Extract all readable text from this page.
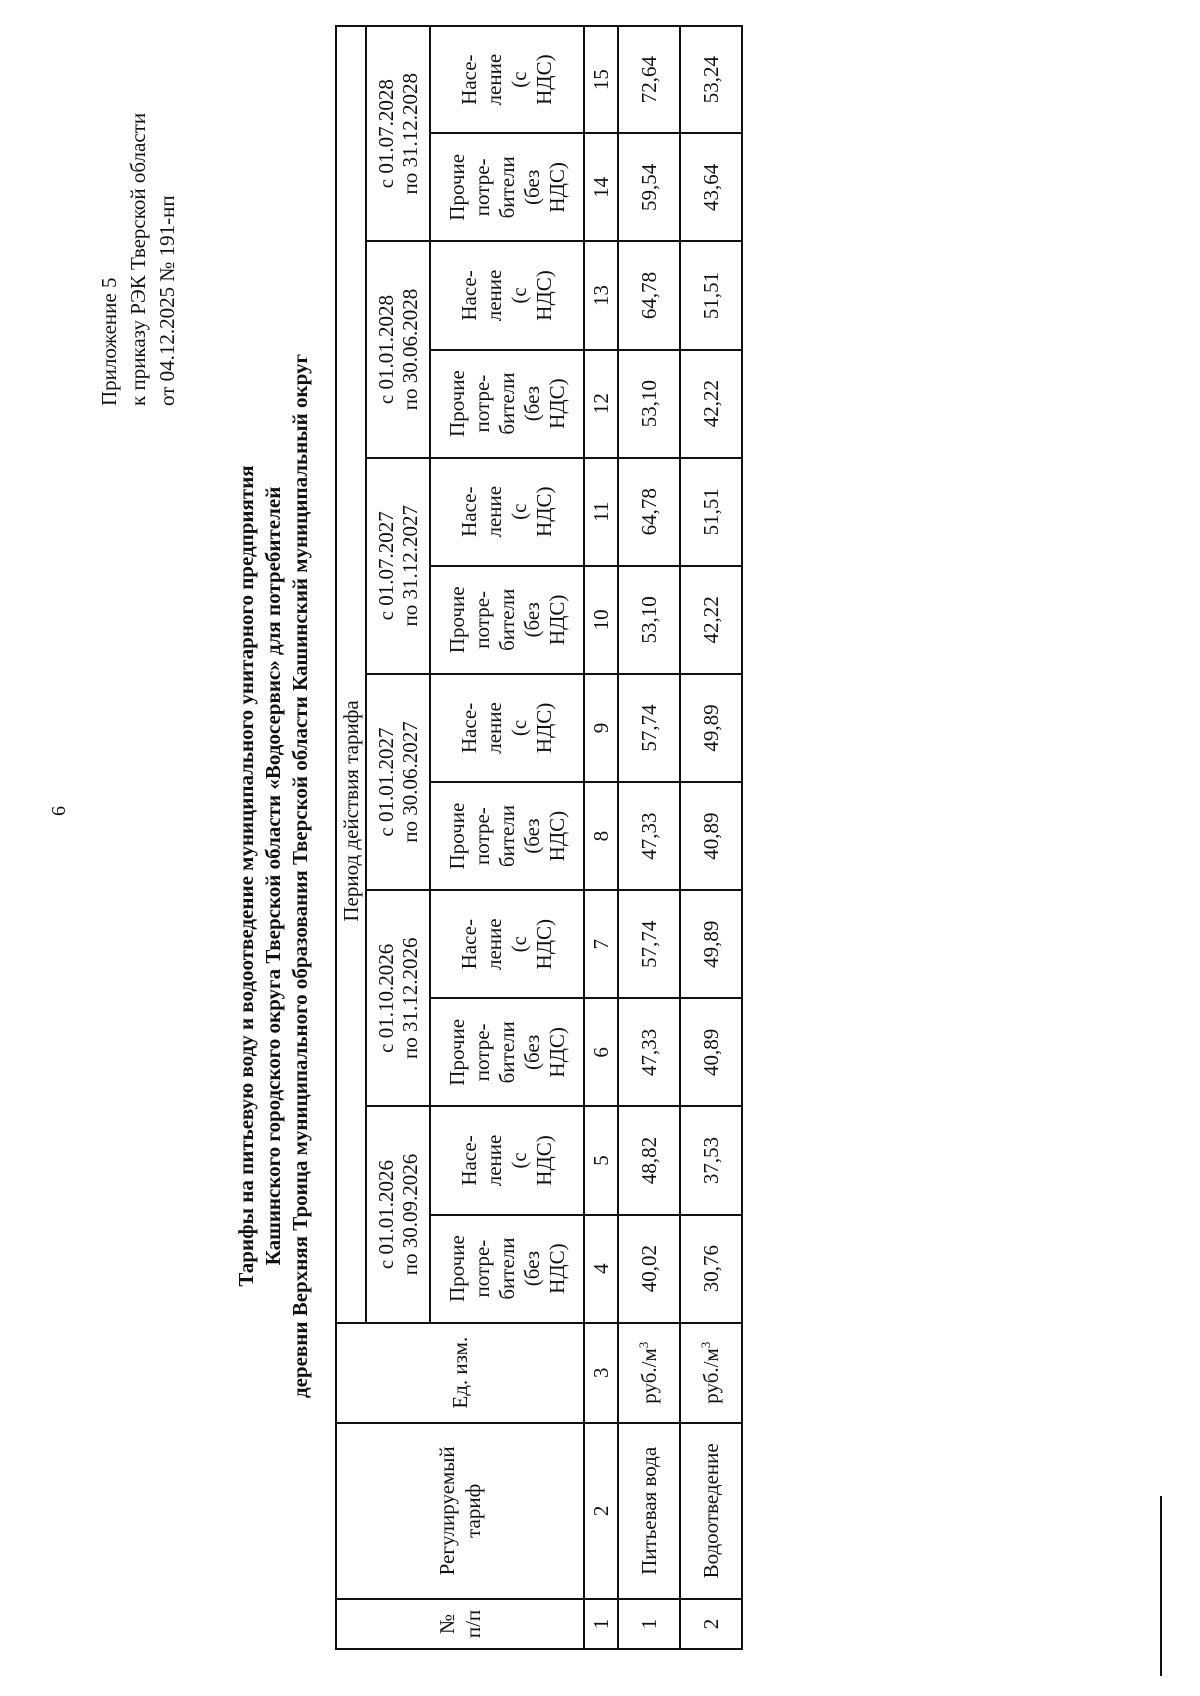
6
Приложение 5 к приказу РЭК Тверской области от 04.12.2025 № 191-нп
Тарифы на питьевую воду и водоотведение муниципального унитарного предприятия Кашинского городского округа Тверской области «Водосервис» для потребителей деревни Верхняя Троица муниципального образования Тверской области Кашинский муниципальный округ
№ п/п	Регулируемый тариф	Ед. изм.	Период действия тарифа											

			с 01.01.2026 по 30.09.2026		с 01.10.2026 по 31.12.2026		с 01.01.2027 по 30.06.2027		с 01.07.2027 по 31.12.2027		с 01.01.2028 по 30.06.2028		с 01.07.2028 по 31.12.2028	

			Прочие потре- бители (без НДС)	Насе- ление (с НДС)	Прочие потре- бители (без НДС)	Насе- ление (с НДС)	Прочие потре- бители (без НДС)	Насе- ление (с НДС)	Прочие потре- бители (без НДС)	Насе- ление (с НДС)	Прочие потре- бители (без НДС)	Насе- ление (с НДС)	Прочие потре- бители (без НДС)	Насе- ление (с НДС)

1	2	3	4	5	6	7	8	9	10	11	12	13	14	15
1	Питьевая вода	$руб./м^3$	40,02	48,82	47,33	57,74	47,33	57,74	53,10	64,78	53,10	64,78	59,54	72,64
2	Водоотведение	$руб./м^3$	30,76	37,53	40,89	49,89	40,89	49,89	42,22	51,51	42,22	51,51	43,64	53,24
